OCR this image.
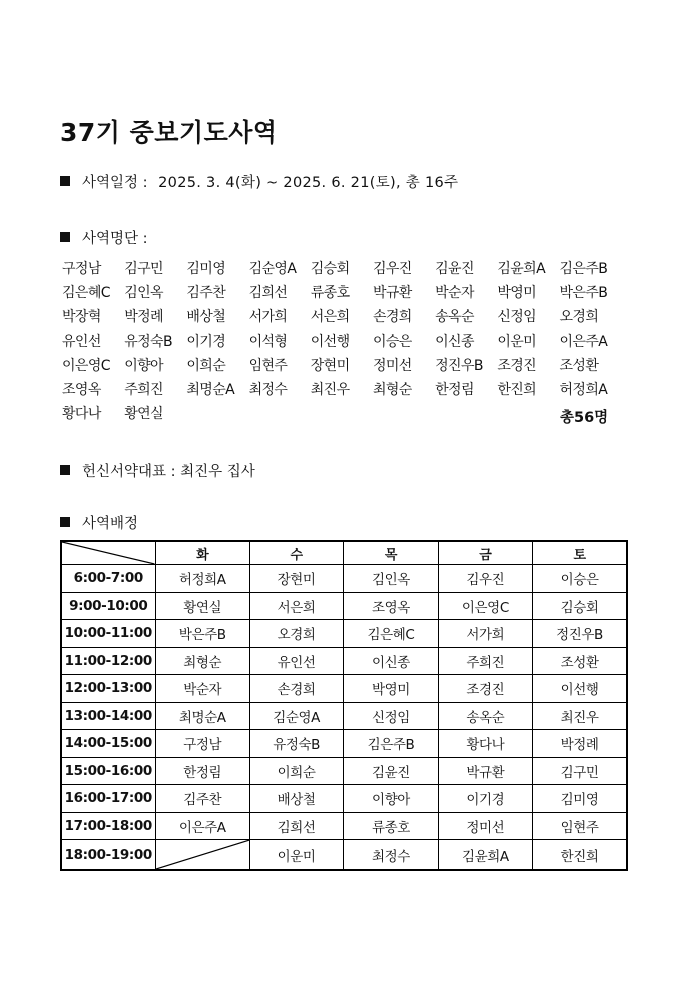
37기 중보기도사역
사역일정 : 2025. 3. 4(화) ~ 2025. 6. 21(토), 총 16주
사역명단 :
구정남	김구민	김미영	김순영A	김승회	김우진	김윤진	김윤희A	김은주B
김은혜C	김인옥	김주찬	김희선	류종호	박규환	박순자	박영미	박은주B
박장혁	박정례	배상철	서가희	서은희	손경희	송옥순	신정임	오경희
유인선	유정숙B	이기경	이석형	이선행	이승은	이신종	이운미	이은주A
이은영C	이향아	이희순	임현주	장현미	정미선	정진우B	조경진	조성환
조영옥	주희진	최명순A	최정수	최진우	최형순	한정림	한진희	허정희A
황다나	황연실	총56명
헌신서약대표 : 최진우 집사
사역배정
	화	수	목	금	토
6:00-7:00	허정희A	장현미	김인옥	김우진	이승은
9:00-10:00	황연실	서은희	조영옥	이은영C	김승회
10:00-11:00	박은주B	오경희	김은혜C	서가희	정진우B
11:00-12:00	최형순	유인선	이신종	주희진	조성환
12:00-13:00	박순자	손경희	박영미	조경진	이선행
13:00-14:00	최명순A	김순영A	신정임	송옥순	최진우
14:00-15:00	구정남	유정숙B	김은주B	황다나	박정례
15:00-16:00	한정림	이희순	김윤진	박규환	김구민
16:00-17:00	김주찬	배상철	이향아	이기경	김미영
17:00-18:00	이은주A	김희선	류종호	정미선	임현주
18:00-19:00		이운미	최정수	김윤희A	한진희
